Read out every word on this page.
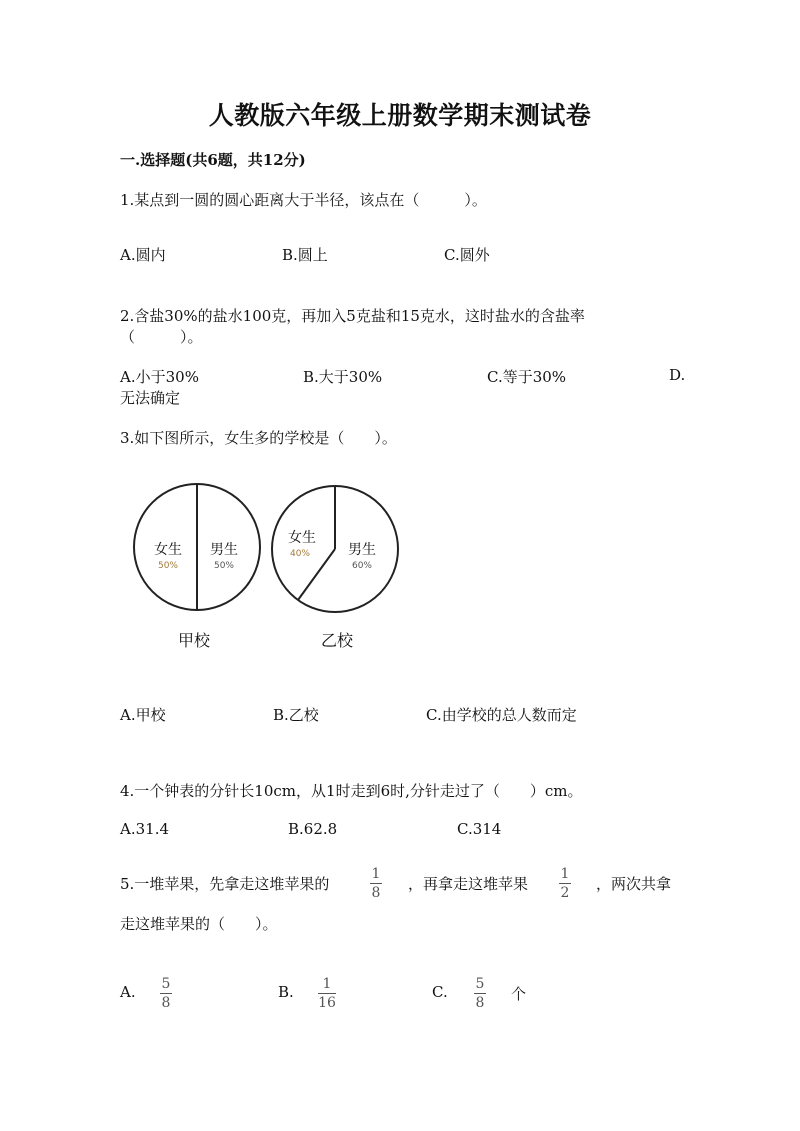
人教版六年级上册数学期末测试卷
一.选择题(共6题，共12分)
1.某点到一圆的圆心距离大于半径，该点在（　　　）。
A.圆内	B.圆上	C.圆外
2.含盐30%的盐水100克，再加入5克盐和15克水，这时盐水的含盐率
（　　　）。
A.小于30%	B.大于30%	C.等于30%	D.
无法确定
3.如下图所示，女生多的学校是（　　）。
女生
50%
男生
50%
甲校
女生
40%	男生
60%
乙校
A.甲校	B.乙校	C.由学校的总人数而定
4.一个钟表的分针长10cm，从1时走到6时,分针走过了（　　）cm。
A.31.4	B.62.8	C.314
5.一堆苹果，先拿走这堆苹果的
1
8 ，再拿走这堆苹果
1
2 ，两次共拿
走这堆苹果的（　　）。
A. 5
8
B. 1
16
C. 5
8 个
